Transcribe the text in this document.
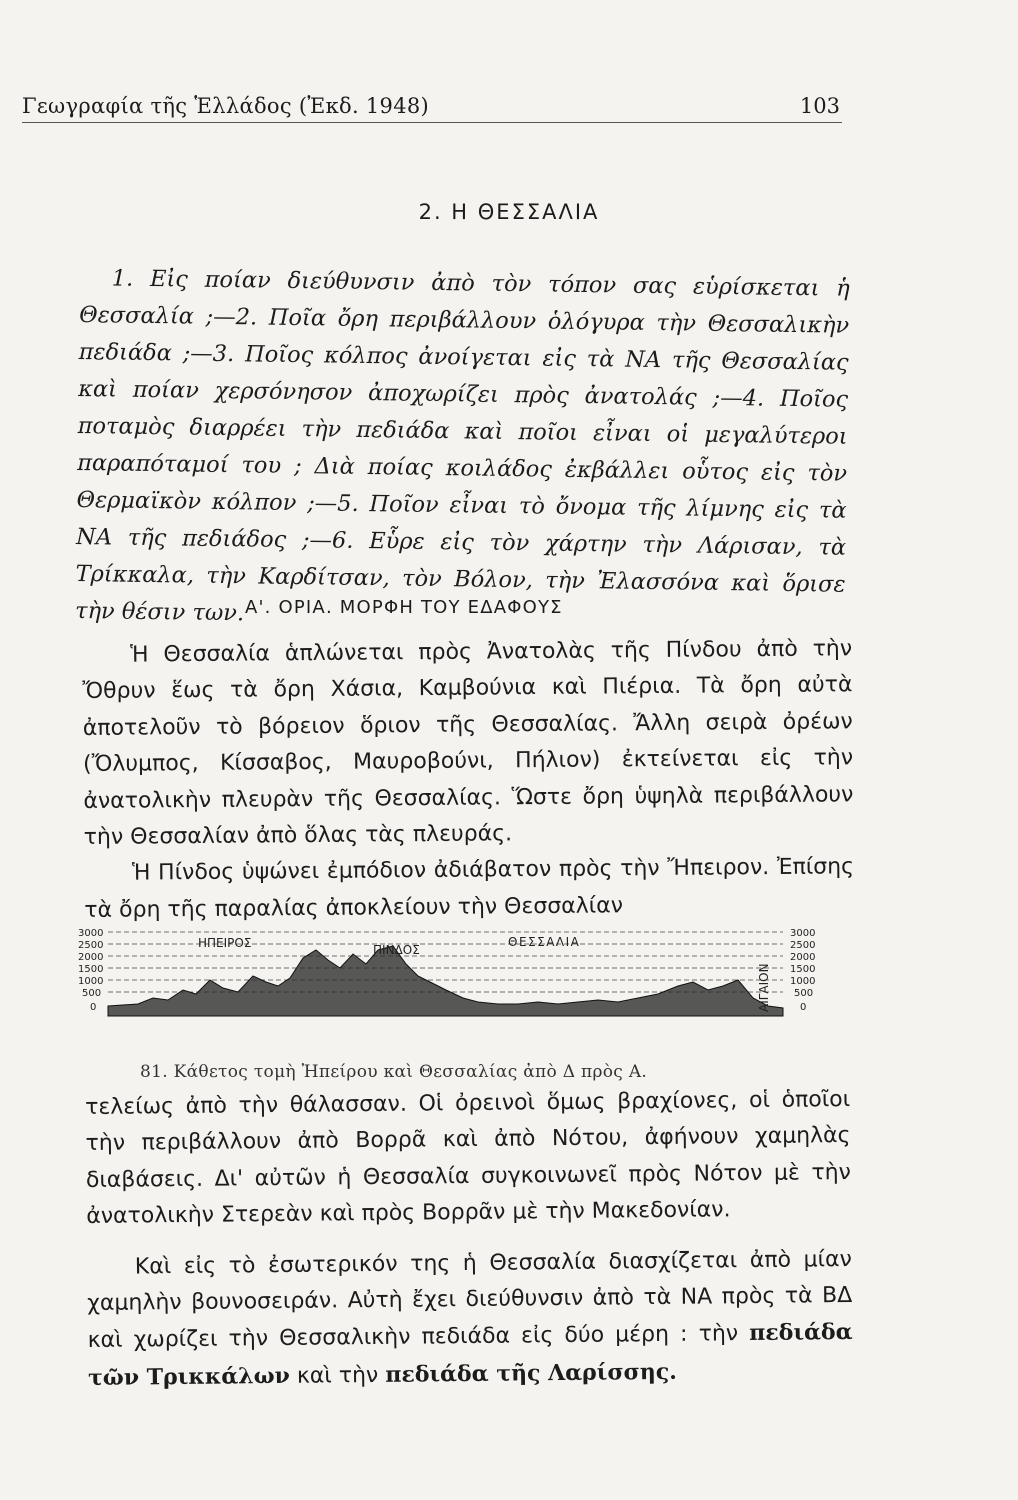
Γεωγραφία τῆς Ἑλλάδος (Ἐκδ. 1948)	103
2. Η ΘΕΣΣΑΛΙΑ

1. Εἰς ποίαν διεύθυνσιν ἀπὸ τὸν τόπον σας εὑρίσκεται ἡ Θεσσαλία ;—2. Ποῖα ὄρη περιβάλλουν ὁλόγυρα τὴν Θεσσαλικὴν πεδιάδα ;—3. Ποῖος κόλπος ἀνοίγεται εἰς τὰ ΝΑ τῆς Θεσσαλίας καὶ ποίαν χερσόνησον ἀποχωρίζει πρὸς ἀνατολάς ;—4. Ποῖος ποταμὸς διαρρέει τὴν πεδιάδα καὶ ποῖοι εἶναι οἱ μεγαλύτεροι παραπόταμοί του ; Διὰ ποίας κοιλάδος ἐκβάλλει οὗτος εἰς τὸν Θερμαϊκὸν κόλπον ;—5. Ποῖον εἶναι τὸ ὄνομα τῆς λίμνης εἰς τὰ ΝΑ τῆς πεδιάδος ;—6. Εὗρε εἰς τὸν χάρτην τὴν Λάρισαν, τὰ Τρίκκαλα, τὴν Καρδίτσαν, τὸν Βόλον, τὴν Ἐλασσόνα καὶ ὅρισε τὴν θέσιν των. Α'. ΟΡΙΑ. ΜΟΡΦΗ ΤΟΥ ΕΔΑΦΟΥΣ

Ἡ Θεσσαλία ἁπλώνεται πρὸς Ἀνατολὰς τῆς Πίνδου ἀπὸ τὴν Ὄθρυν ἕως τὰ ὄρη Χάσια, Καμβούνια καὶ Πιέρια. Τὰ ὄρη αὐτὰ ἀποτελοῦν τὸ βόρειον ὅριον τῆς Θεσσαλίας. Ἄλλη σειρὰ ὀρέων (Ὄλυμπος, Κίσσαβος, Μαυροβούνι, Πήλιον) ἐκτείνεται εἰς τὴν ἀνατολικὴν πλευρὰν τῆς Θεσσαλίας. Ὥστε ὄρη ὑψηλὰ περιβάλλουν τὴν Θεσσαλίαν ἀπὸ ὅλας τὰς πλευράς.

Ἡ Πίνδος ὑψώνει ἐμπόδιον ἀδιάβατον πρὸς τὴν Ἤπειρον. Ἐπίσης τὰ ὄρη τῆς παραλίας ἀποκλείουν τὴν Θεσσαλίαν

3000
2500
2000
1500
1000
500
0
3000
2500
2000
1500
1000
500
0
ΗΠΕΙΡΟΣ	ΠΙΝΔΟΣ
ΘΕΣΣΑΛΙΑ
ΑΙΓΑΙΟΝ
81. Κάθετος τομὴ Ἠπείρου καὶ Θεσσαλίας ἀπὸ Δ πρὸς Α.

τελείως ἀπὸ τὴν θάλασσαν. Οἱ ὀρεινοὶ ὅμως βραχίονες, οἱ ὁποῖοι τὴν περιβάλλουν ἀπὸ Βορρᾶ καὶ ἀπὸ Νότου, ἀφήνουν χαμηλὰς διαβάσεις. Δι' αὐτῶν ἡ Θεσσαλία συγκοινωνεῖ πρὸς Νότον μὲ τὴν ἀνατολικὴν Στερεὰν καὶ πρὸς Βορρᾶν μὲ τὴν Μακεδονίαν.

Καὶ εἰς τὸ ἐσωτερικόν της ἡ Θεσσαλία διασχίζεται ἀπὸ μίαν χαμηλὴν βουνοσειράν. Αὐτὴ ἔχει διεύθυνσιν ἀπὸ τὰ ΝΑ πρὸς τὰ ΒΔ καὶ χωρίζει τὴν Θεσσαλικὴν πεδιάδα εἰς δύο μέρη : τὴν πεδιάδα τῶν Τρικκάλων καὶ τὴν πεδιάδα τῆς Λαρίσσης.
